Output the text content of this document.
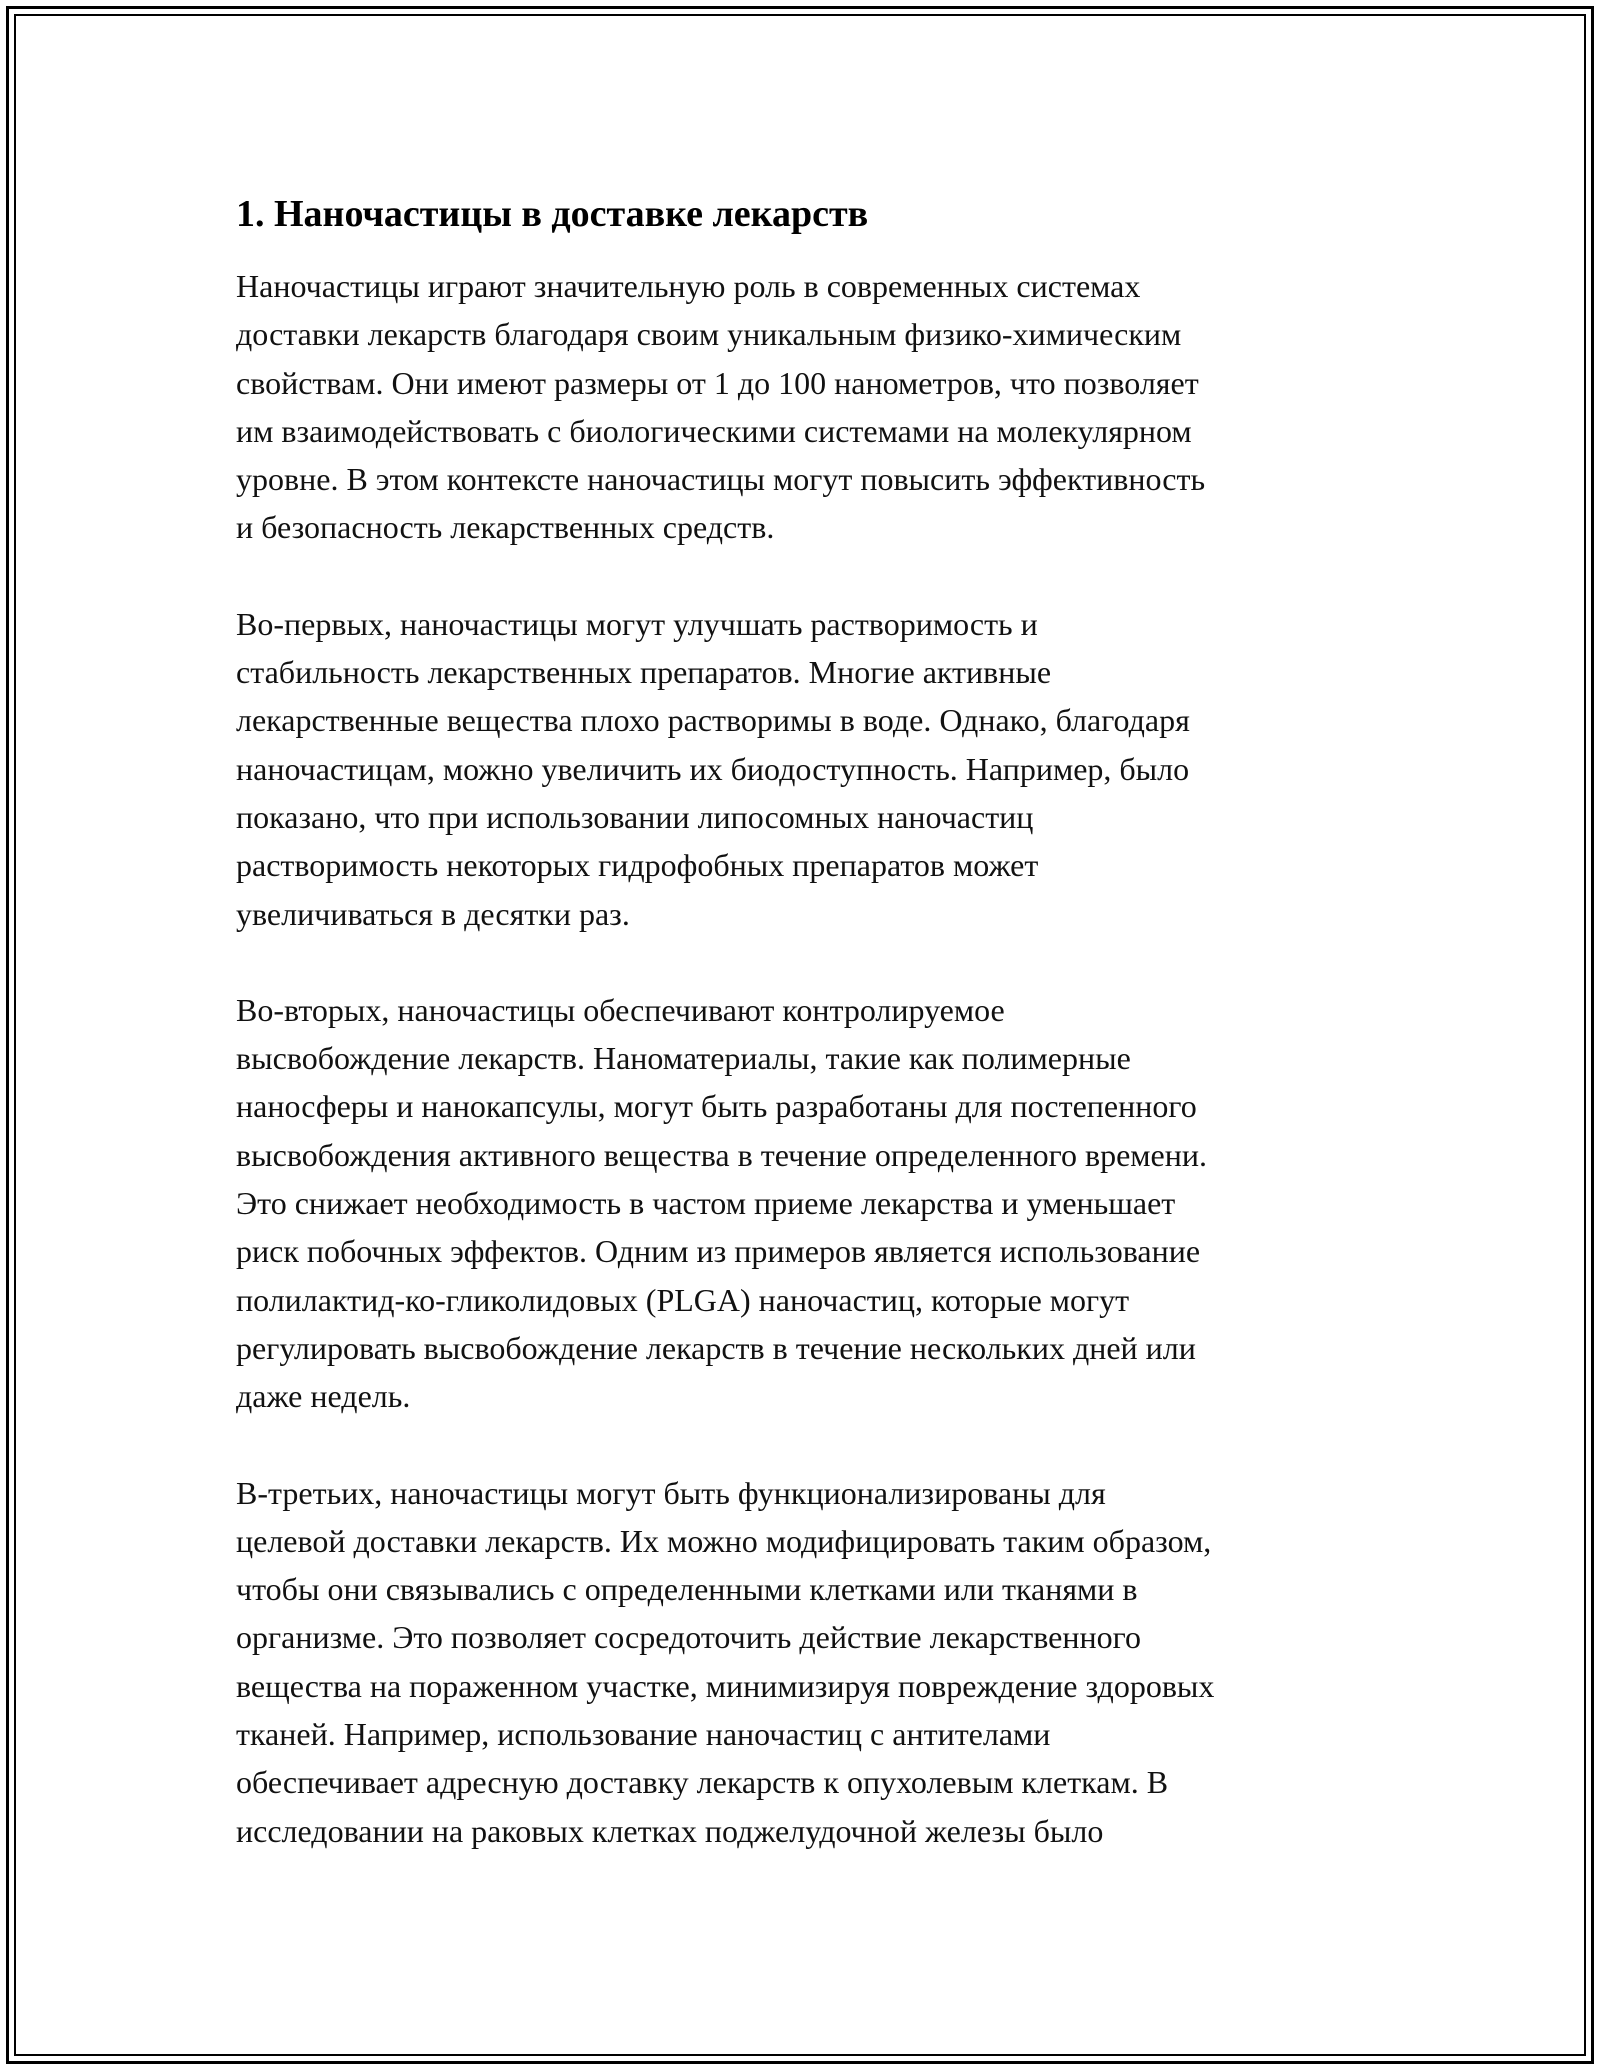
1. Наночастицы в доставке лекарств

Наночастицы играют значительную роль в современных системах
доставки лекарств благодаря своим уникальным физико-химическим
свойствам. Они имеют размеры от 1 до 100 нанометров, что позволяет
им взаимодействовать с биологическими системами на молекулярном
уровне. В этом контексте наночастицы могут повысить эффективность
и безопасность лекарственных средств.

Во-первых, наночастицы могут улучшать растворимость и
стабильность лекарственных препаратов. Многие активные
лекарственные вещества плохо растворимы в воде. Однако, благодаря
наночастицам, можно увеличить их биодоступность. Например, было
показано, что при использовании липосомных наночастиц
растворимость некоторых гидрофобных препаратов может
увеличиваться в десятки раз.

Во-вторых, наночастицы обеспечивают контролируемое
высвобождение лекарств. Наноматериалы, такие как полимерные
наносферы и нанокапсулы, могут быть разработаны для постепенного
высвобождения активного вещества в течение определенного времени.
Это снижает необходимость в частом приеме лекарства и уменьшает
риск побочных эффектов. Одним из примеров является использование
полилактид-ко-гликолидовых (PLGA) наночастиц, которые могут
регулировать высвобождение лекарств в течение нескольких дней или
даже недель.

В-третьих, наночастицы могут быть функционализированы для
целевой доставки лекарств. Их можно модифицировать таким образом,
чтобы они связывались с определенными клетками или тканями в
организме. Это позволяет сосредоточить действие лекарственного
вещества на пораженном участке, минимизируя повреждение здоровых
тканей. Например, использование наночастиц с антителами
обеспечивает адресную доставку лекарств к опухолевым клеткам. В
исследовании на раковых клетках поджелудочной железы было
